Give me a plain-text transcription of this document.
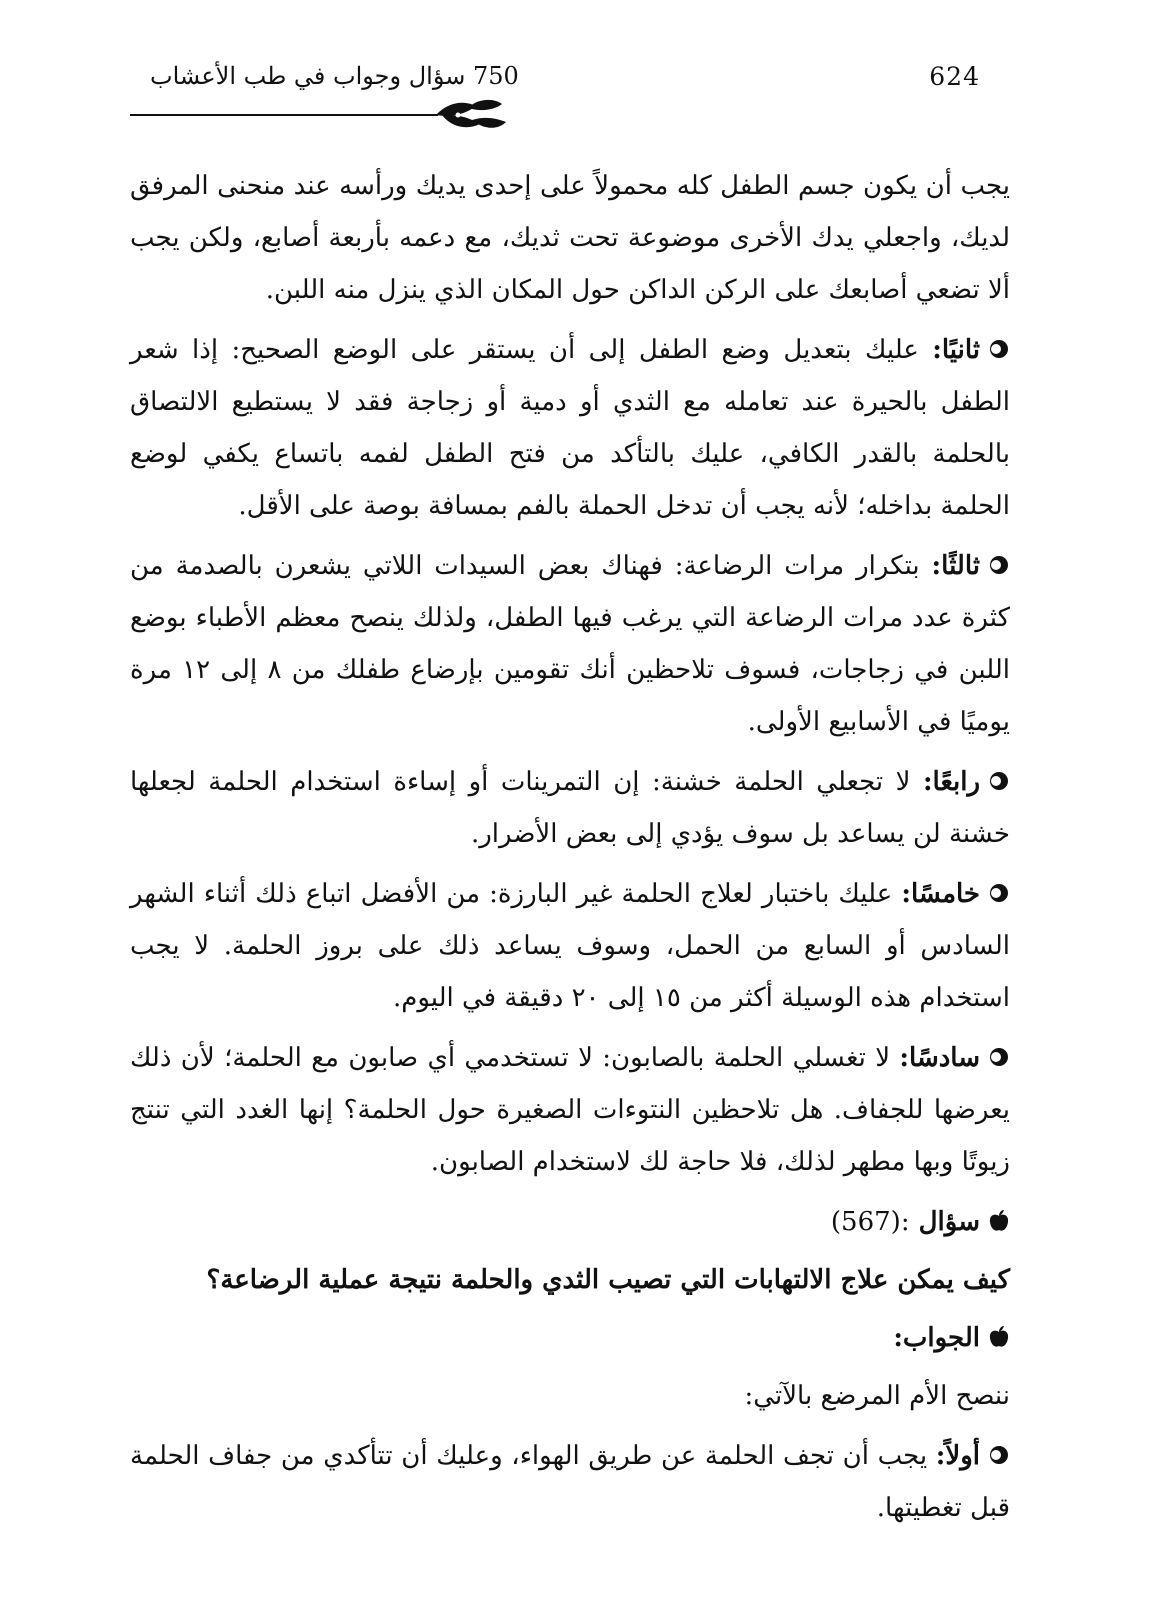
624
750 سؤال وجواب في طب الأعشاب

يجب أن يكون جسم الطفل كله محمولاً على إحدى يديك ورأسه عند منحنى المرفق لديك، واجعلي يدك الأخرى موضوعة تحت ثديك، مع دعمه بأربعة أصابع، ولكن يجب ألا تضعي أصابعك على الركن الداكن حول المكان الذي ينزل منه اللبن.

ثانيًا: عليك بتعديل وضع الطفل إلى أن يستقر على الوضع الصحيح: إذا شعر الطفل بالحيرة عند تعامله مع الثدي أو دمية أو زجاجة فقد لا يستطيع الالتصاق بالحلمة بالقدر الكافي، عليك بالتأكد من فتح الطفل لفمه باتساع يكفي لوضع الحلمة بداخله؛ لأنه يجب أن تدخل الحملة بالفم بمسافة بوصة على الأقل.

ثالثًا: بتكرار مرات الرضاعة: فهناك بعض السيدات اللاتي يشعرن بالصدمة من كثرة عدد مرات الرضاعة التي يرغب فيها الطفل، ولذلك ينصح معظم الأطباء بوضع اللبن في زجاجات، فسوف تلاحظين أنك تقومين بإرضاع طفلك من ٨ إلى ١٢ مرة يوميًا في الأسابيع الأولى.

رابعًا: لا تجعلي الحلمة خشنة: إن التمرينات أو إساءة استخدام الحلمة لجعلها خشنة لن يساعد بل سوف يؤدي إلى بعض الأضرار.

خامسًا: عليك باختبار لعلاج الحلمة غير البارزة: من الأفضل اتباع ذلك أثناء الشهر السادس أو السابع من الحمل، وسوف يساعد ذلك على بروز الحلمة. لا يجب استخدام هذه الوسيلة أكثر من ١٥ إلى ٢٠ دقيقة في اليوم.

سادسًا: لا تغسلي الحلمة بالصابون: لا تستخدمي أي صابون مع الحلمة؛ لأن ذلك يعرضها للجفاف. هل تلاحظين النتوءات الصغيرة حول الحلمة؟ إنها الغدد التي تنتج زيوتًا وبها مطهر لذلك، فلا حاجة لك لاستخدام الصابون.

سؤال (567):

كيف يمكن علاج الالتهابات التي تصيب الثدي والحلمة نتيجة عملية الرضاعة؟

الجواب:

ننصح الأم المرضع بالآتي:

أولاً: يجب أن تجف الحلمة عن طريق الهواء، وعليك أن تتأكدي من جفاف الحلمة قبل تغطيتها.
